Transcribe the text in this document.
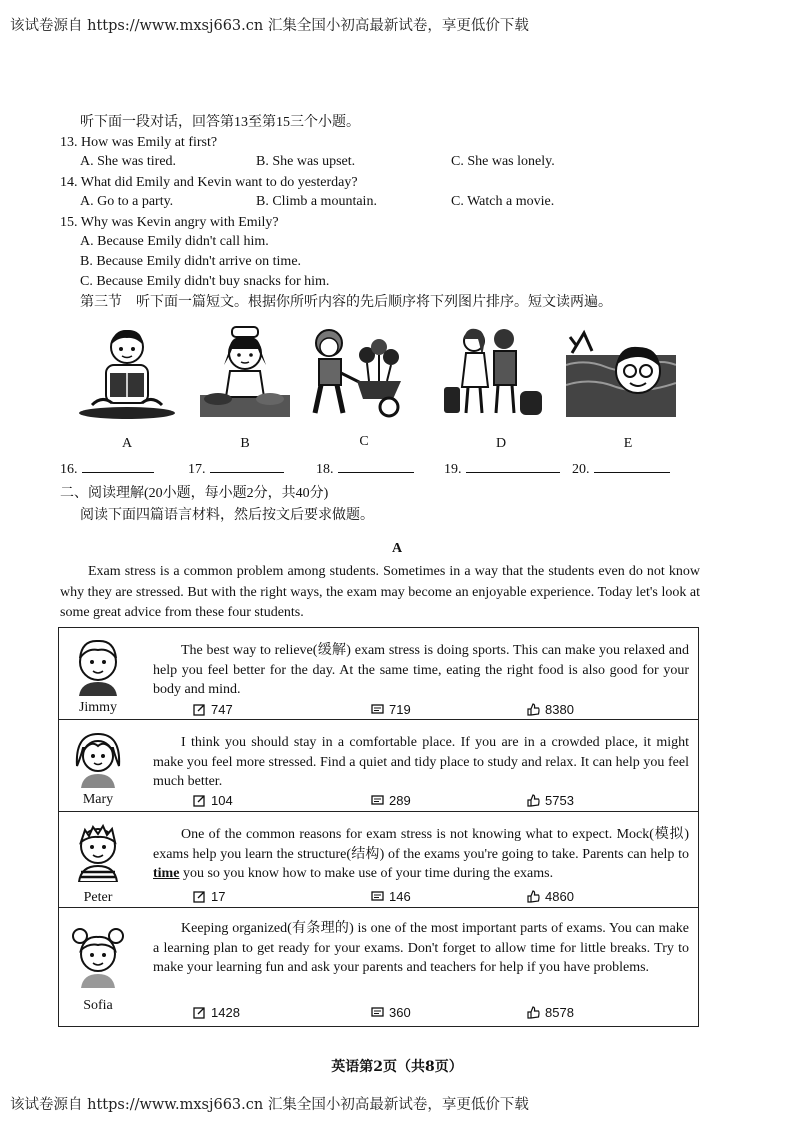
该试卷源自 https://www.mxsj663.cn 汇集全国小初高最新试卷，享更低价下载
该试卷源自 https://www.mxsj663.cn 汇集全国小初高最新试卷，享更低价下载
听下面一段对话，回答第13至第15三个小题。
13. How was Emily at first?
A. She was tired.	B. She was upset.	C. She was lonely.
14. What did Emily and Kevin want to do yesterday?
A. Go to a party.	B. Climb a mountain.	C. Watch a movie.
15. Why was Kevin angry with Emily?
A. Because Emily didn't call him.
B. Because Emily didn't arrive on time.
C. Because Emily didn't buy snacks for him.
第三节　听下面一篇短文。根据你所听内容的先后顺序将下列图片排序。短文读两遍。
A	B	C	D	E
16.	17.	18.	19.	20.
二、阅读理解(20小题，每小题2分，共40分)
阅读下面四篇语言材料，然后按文后要求做题。
A
Exam stress is a common problem among students. Sometimes in a way that the students even do not know why they are stressed. But with the right ways, the exam may become an enjoyable experience. Today let's look at some great advice from these four students.
Jimmy
The best way to relieve(缓解) exam stress is doing sports. This can make you relaxed and help you feel better for the day. At the same time, eating the right food is also good for your body and mind.
747	719	8380
Mary
I think you should stay in a comfortable place. If you are in a crowded place, it might make you feel more stressed. Find a quiet and tidy place to study and relax. It can help you feel much better.
104	289	5753
Peter
One of the common reasons for exam stress is not knowing what to expect. Mock(模拟) exams help you learn the structure(结构) of the exams you're going to take. Parents can help to time you so you know how to make use of your time during the exams.
17	146	4860
Sofia
Keeping organized(有条理的) is one of the most important parts of exams. You can make a learning plan to get ready for your exams. Don't forget to allow time for little breaks. Try to make your learning fun and ask your parents and teachers for help if you have problems.
1428	360	8578
英语第2页（共8页）
